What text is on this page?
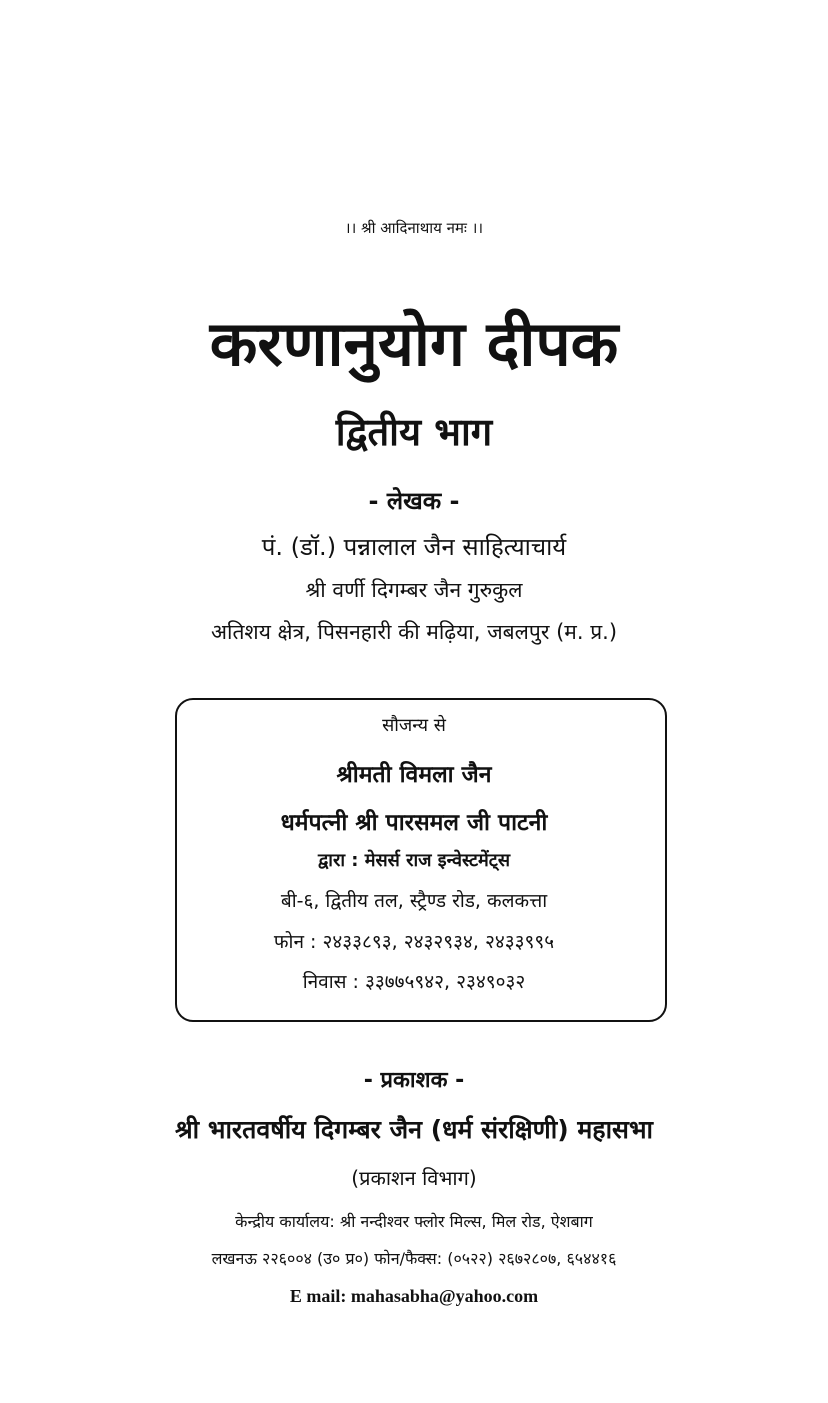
।। श्री आदिनाथाय नमः ।।
करणानुयोग दीपक
द्वितीय भाग
- लेखक -
पं. (डॉ.) पन्नालाल जैन साहित्याचार्य
श्री वर्णी दिगम्बर जैन गुरुकुल
अतिशय क्षेत्र, पिसनहारी की मढ़िया, जबलपुर (म. प्र.)
सौजन्य से
श्रीमती विमला जैन
धर्मपत्नी श्री पारसमल जी पाटनी
द्वारा : मेसर्स राज इन्वेस्टमेंट्स
बी-६, द्वितीय तल, स्ट्रैण्ड रोड, कलकत्ता
फोन : २४३३८९३, २४३२९३४, २४३३९९५
निवास : ३३७७५९४२, २३४९०३२
- प्रकाशक -
श्री भारतवर्षीय दिगम्बर जैन (धर्म संरक्षिणी) महासभा
(प्रकाशन विभाग)
केन्द्रीय कार्यालय: श्री नन्दीश्वर फ्लोर मिल्स, मिल रोड, ऐशबाग
लखनऊ २२६००४ (उ० प्र०) फोन/फैक्स: (०५२२) २६७२८०७, ६५४४१६
E mail: mahasabha@yahoo.com
